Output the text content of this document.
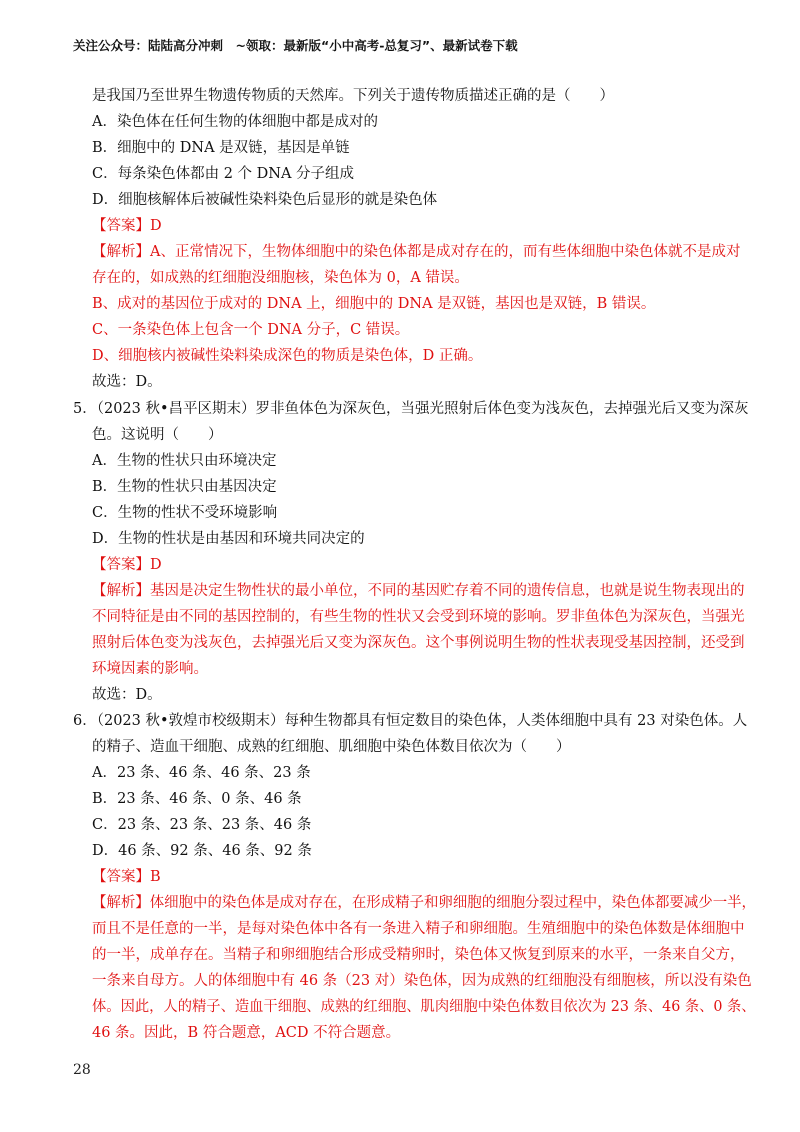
关注公众号：陆陆高分冲刺　~领取：最新版“小中高考-总复习”、最新试卷下载
是我国乃至世界生物遗传物质的天然库。下列关于遗传物质描述正确的是（　　）
A．染色体在任何生物的体细胞中都是成对的
B．细胞中的 DNA 是双链，基因是单链
C．每条染色体都由 2 个 DNA 分子组成
D．细胞核解体后被碱性染料染色后显形的就是染色体
【答案】D
【解析】A、正常情况下，生物体细胞中的染色体都是成对存在的，而有些体细胞中染色体就不是成对
存在的，如成熟的红细胞没细胞核，染色体为 0，A 错误。
B、成对的基因位于成对的 DNA 上，细胞中的 DNA 是双链，基因也是双链，B 错误。
C、一条染色体上包含一个 DNA 分子，C 错误。
D、细胞核内被碱性染料染成深色的物质是染色体，D 正确。
故选：D。
5．（2023 秋•昌平区期末）罗非鱼体色为深灰色，当强光照射后体色变为浅灰色，去掉强光后又变为深灰
色。这说明（　　）
A．生物的性状只由环境决定
B．生物的性状只由基因决定
C．生物的性状不受环境影响
D．生物的性状是由基因和环境共同决定的
【答案】D
【解析】基因是决定生物性状的最小单位，不同的基因贮存着不同的遗传信息，也就是说生物表现出的
不同特征是由不同的基因控制的，有些生物的性状又会受到环境的影响。罗非鱼体色为深灰色，当强光
照射后体色变为浅灰色，去掉强光后又变为深灰色。这个事例说明生物的性状表现受基因控制，还受到
环境因素的影响。
故选：D。
6．（2023 秋•敦煌市校级期末）每种生物都具有恒定数目的染色体，人类体细胞中具有 23 对染色体。人
的精子、造血干细胞、成熟的红细胞、肌细胞中染色体数目依次为（　　）
A．23 条、46 条、46 条、23 条
B．23 条、46 条、0 条、46 条
C．23 条、23 条、23 条、46 条
D．46 条、92 条、46 条、92 条
【答案】B
【解析】体细胞中的染色体是成对存在，在形成精子和卵细胞的细胞分裂过程中，染色体都要减少一半，
而且不是任意的一半，是每对染色体中各有一条进入精子和卵细胞。生殖细胞中的染色体数是体细胞中
的一半，成单存在。当精子和卵细胞结合形成受精卵时，染色体又恢复到原来的水平，一条来自父方，
一条来自母方。人的体细胞中有 46 条（23 对）染色体，因为成熟的红细胞没有细胞核，所以没有染色
体。因此，人的精子、造血干细胞、成熟的红细胞、肌肉细胞中染色体数目依次为 23 条、46 条、0 条、
46 条。因此，B 符合题意，ACD 不符合题意。
28
